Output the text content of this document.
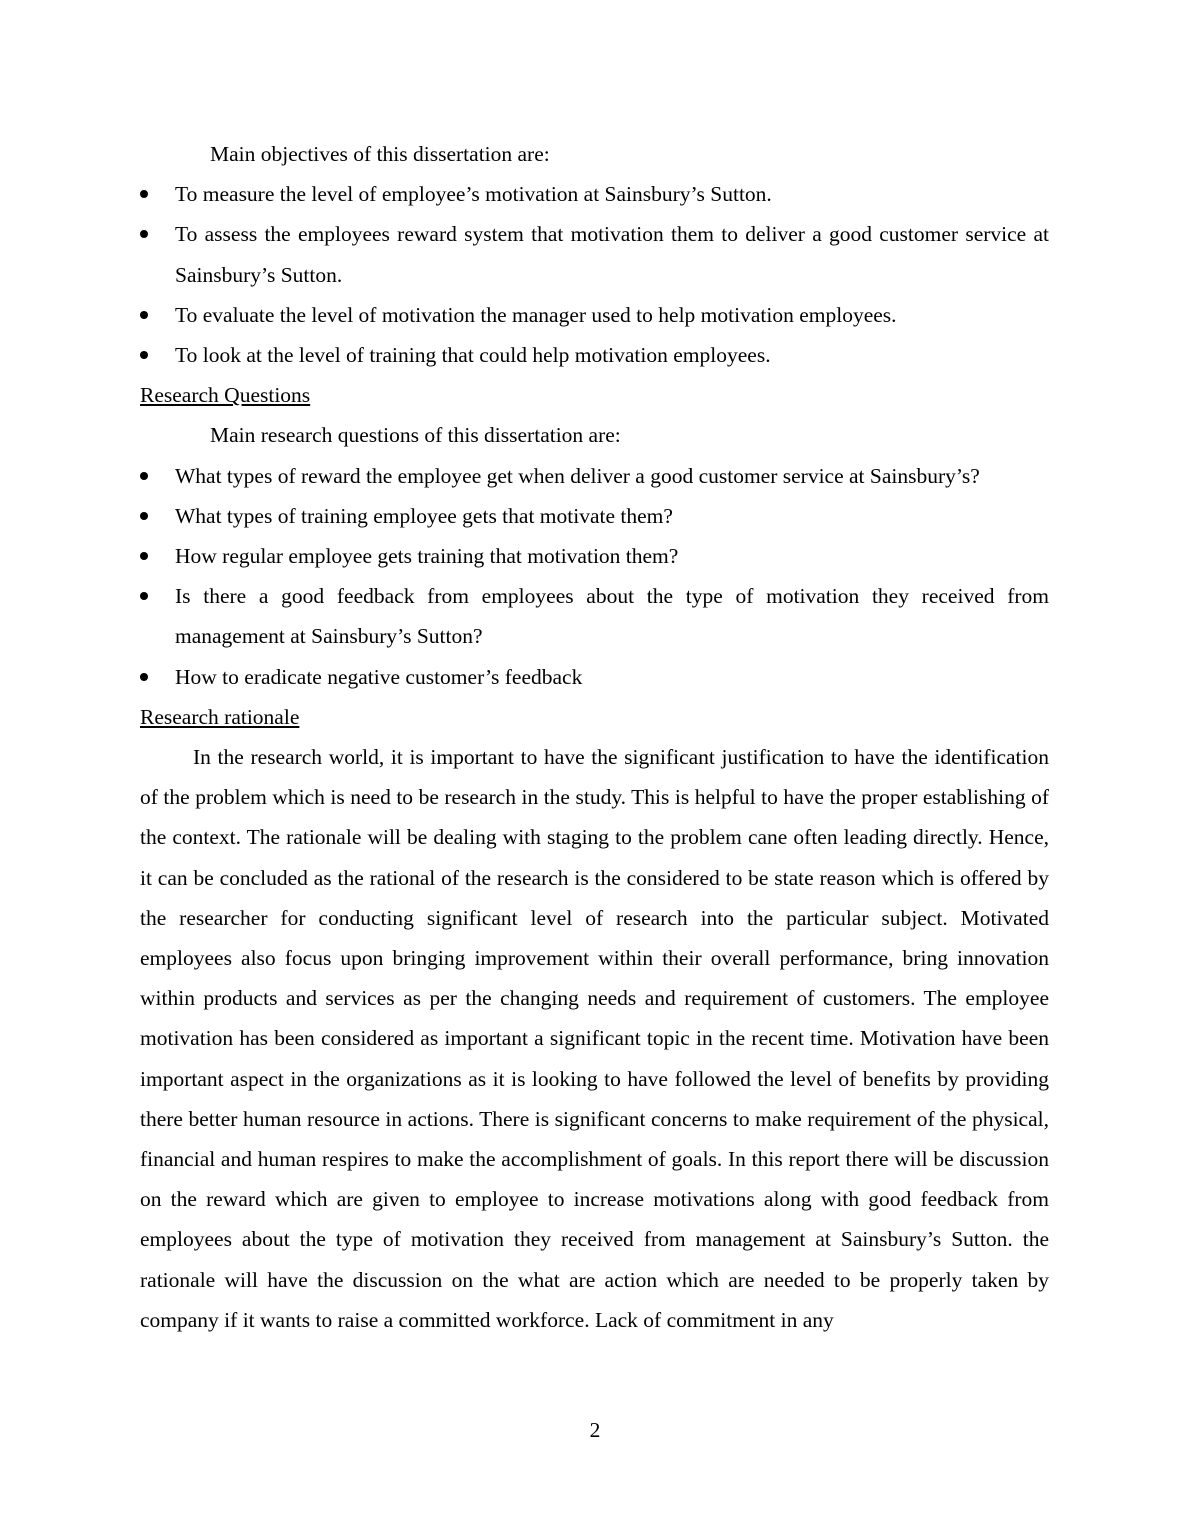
Main objectives of this dissertation are:

To measure the level of employee’s motivation at Sainsbury’s Sutton.
To assess the employees reward system that motivation them to deliver a good customer service at Sainsbury’s Sutton.
To evaluate the level of motivation the manager used to help motivation employees.
To look at the level of training that could help motivation employees.

Research Questions

Main research questions of this dissertation are:

What types of reward the employee get when deliver a good customer service at Sainsbury’s?
What types of training employee gets that motivate them?
How regular employee gets training that motivation them?
Is there a good feedback from employees about the type of motivation they received from management at Sainsbury’s Sutton?
How to eradicate negative customer’s feedback

Research rationale

In the research world, it is important to have the significant justification to have the identification of the problem which is need to be research in the study. This is helpful to have the proper establishing of the context. The rationale will be dealing with staging to the problem cane often leading directly. Hence, it can be concluded as the rational of the research is the considered to be state reason which is offered by the researcher for conducting significant level of research into the particular subject. Motivated employees also focus upon bringing improvement within their overall performance, bring innovation within products and services as per the changing needs and requirement of customers. The employee motivation has been considered as important a significant topic in the recent time. Motivation have been important aspect in the organizations as it is looking to have followed the level of benefits by providing there better human resource in actions. There is significant concerns to make requirement of the physical, financial and human respires to make the accomplishment of goals. In this report there will be discussion on the reward which are given to employee to increase motivations along with good feedback from employees about the type of motivation they received from management at Sainsbury’s Sutton. the rationale will have the discussion on the what are action which are needed to be properly taken by company if it wants to raise a committed workforce. Lack of commitment in any

2
